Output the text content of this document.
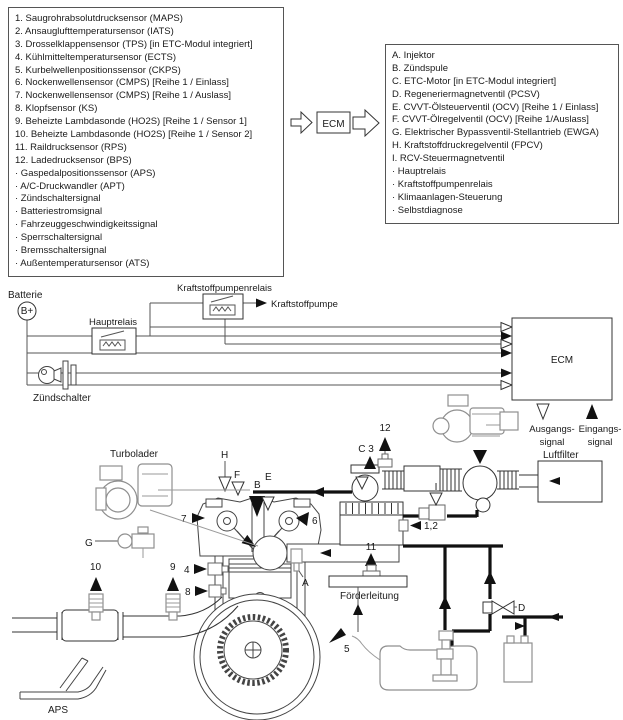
1. Saugrohrabsolutdrucksensor (MAPS)
2. Ansauglufttemperatursensor (IATS)
3. Drosselklappensensor (TPS) [in ETC-Modul integriert]
4. Kühlmitteltemperatursensor (ECTS)
5. Kurbelwellenpositionssensor (CKPS)
6. Nockenwellensensor (CMPS) [Reihe 1 / Einlass]
7. Nockenwellensensor (CMPS) [Reihe 1 / Auslass]
8. Klopfsensor (KS)
9. Beheizte Lambdasonde (HO2S) [Reihe 1 / Sensor 1]
10. Beheizte Lambdasonde (HO2S) [Reihe 1 / Sensor 2]
11. Raildrucksensor (RPS)
12. Ladedrucksensor (BPS)
· Gaspedalpositionssensor (APS)
· A/C-Druckwandler (APT)
· Zündschaltersignal
· Batteriestromsignal
· Fahrzeuggeschwindigkeitssignal
· Sperrschaltersignal
· Bremsschaltersignal
· Außentemperatursensor (ATS)
A. Injektor
B. Zündspule
C. ETC-Motor [in ETC-Modul integriert]
D. Regeneriermagnetventil (PCSV)
E. CVVT-Ölsteuerventil (OCV) [Reihe 1 / Einlass]
F. CVVT-Ölregelventil (OCV) [Reihe 1/Auslass]
G. Elektrischer Bypassventil-Stellantrieb (EWGA)
H. Kraftstoffdruckregelventil (FPCV)
I. RCV-Steuermagnetventil
· Hauptrelais
· Kraftstoffpumpenrelais
· Klimaanlagen-Steuerung
· Selbstdiagnose
ECM
Batterie
B+
Kraftstoffpumpenrelais
Kraftstoffpumpe
Hauptrelais
Zündschalter
ECM
Ausgangs-
signal
Eingangs-
signal
Luftfilter
I
C 3
12
1,2
11
Förderleitung
H
F
B
E
7	6
4
8
A
5
Turbolader
G
10	9
APS
D
